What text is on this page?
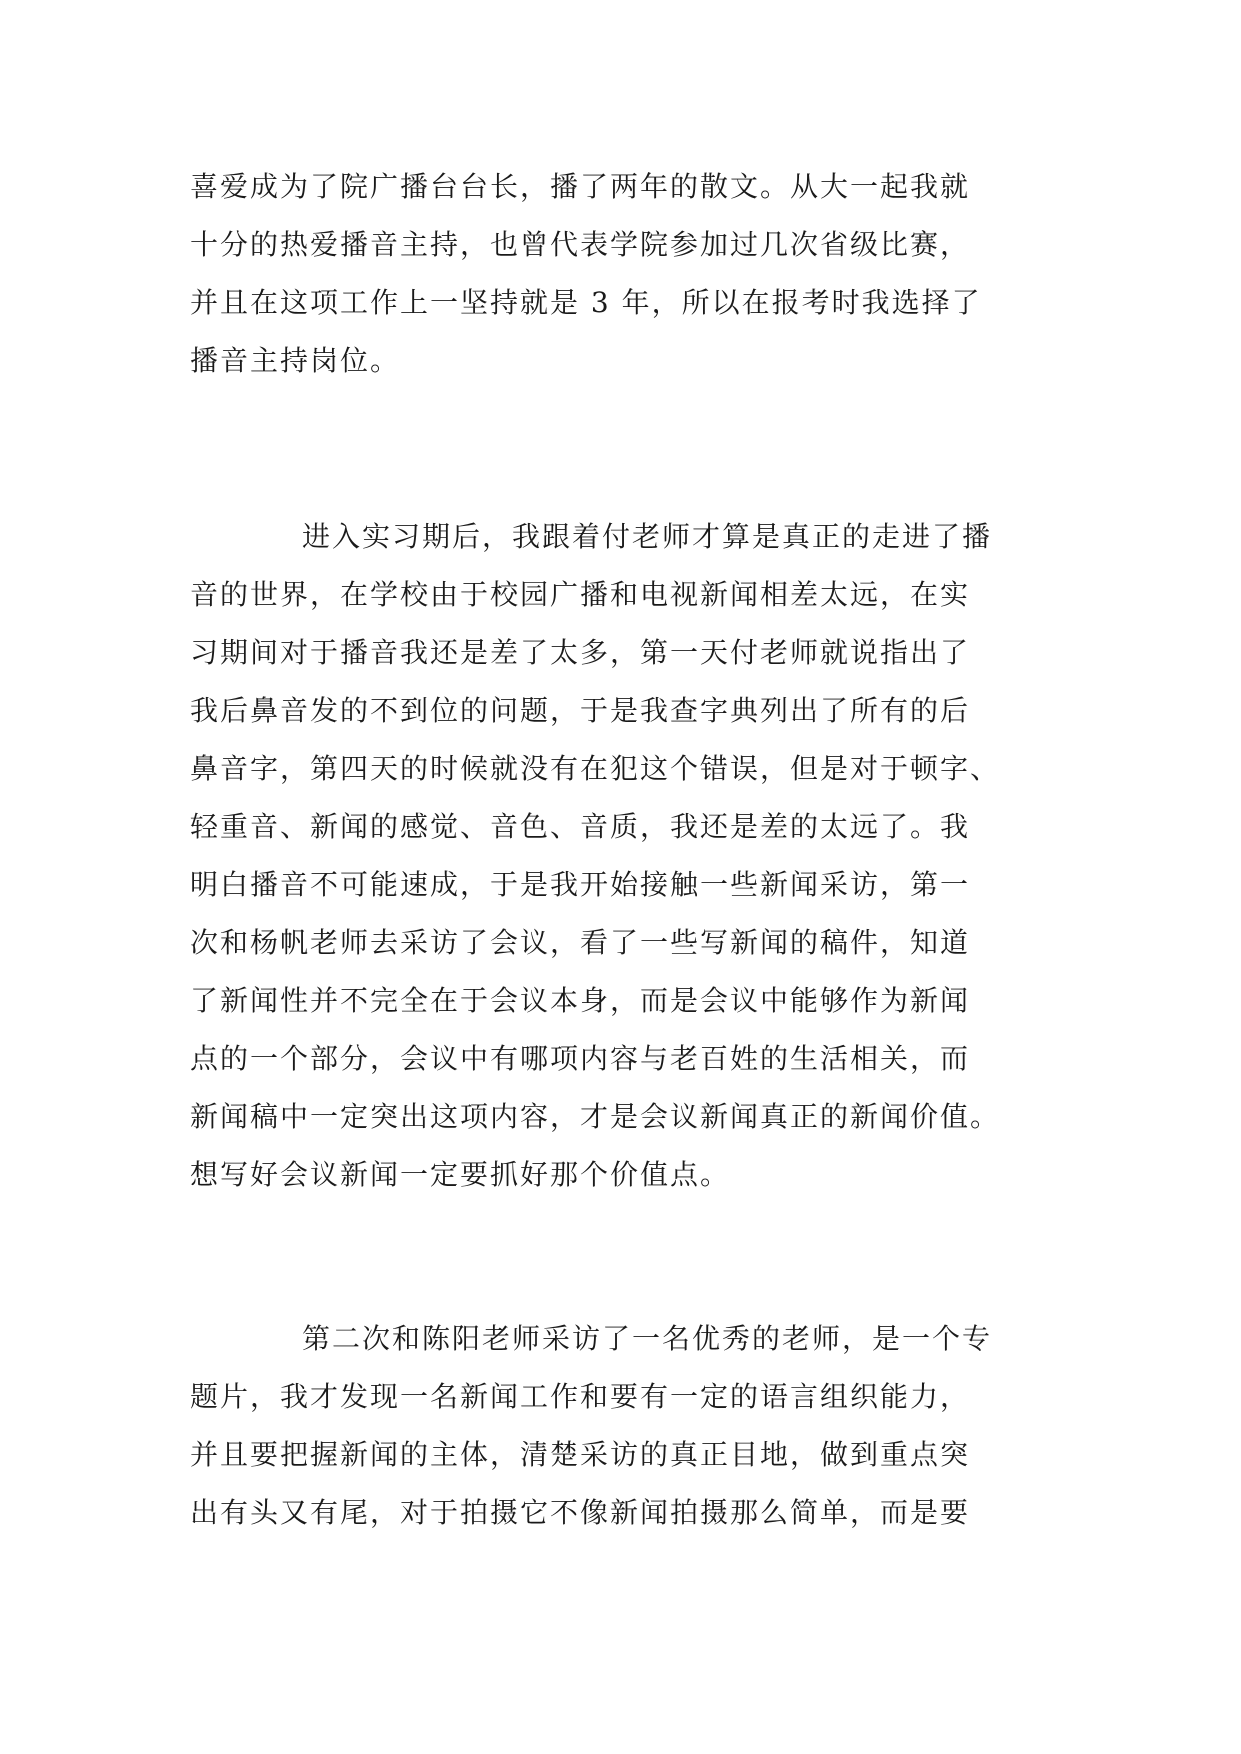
喜爱成为了院广播台台长，播了两年的散文。从大一起我就
十分的热爱播音主持，也曾代表学院参加过几次省级比赛，
并且在这项工作上一坚持就是 3 年，所以在报考时我选择了
播音主持岗位。
进入实习期后，我跟着付老师才算是真正的走进了播
音的世界，在学校由于校园广播和电视新闻相差太远，在实
习期间对于播音我还是差了太多，第一天付老师就说指出了
我后鼻音发的不到位的问题，于是我查字典列出了所有的后
鼻音字，第四天的时候就没有在犯这个错误，但是对于顿字、
轻重音、新闻的感觉、音色、音质，我还是差的太远了。我
明白播音不可能速成，于是我开始接触一些新闻采访，第一
次和杨帆老师去采访了会议，看了一些写新闻的稿件，知道
了新闻性并不完全在于会议本身，而是会议中能够作为新闻
点的一个部分，会议中有哪项内容与老百姓的生活相关，而
新闻稿中一定突出这项内容，才是会议新闻真正的新闻价值。
想写好会议新闻一定要抓好那个价值点。
第二次和陈阳老师采访了一名优秀的老师，是一个专
题片，我才发现一名新闻工作和要有一定的语言组织能力，
并且要把握新闻的主体，清楚采访的真正目地，做到重点突
出有头又有尾，对于拍摄它不像新闻拍摄那么简单，而是要
